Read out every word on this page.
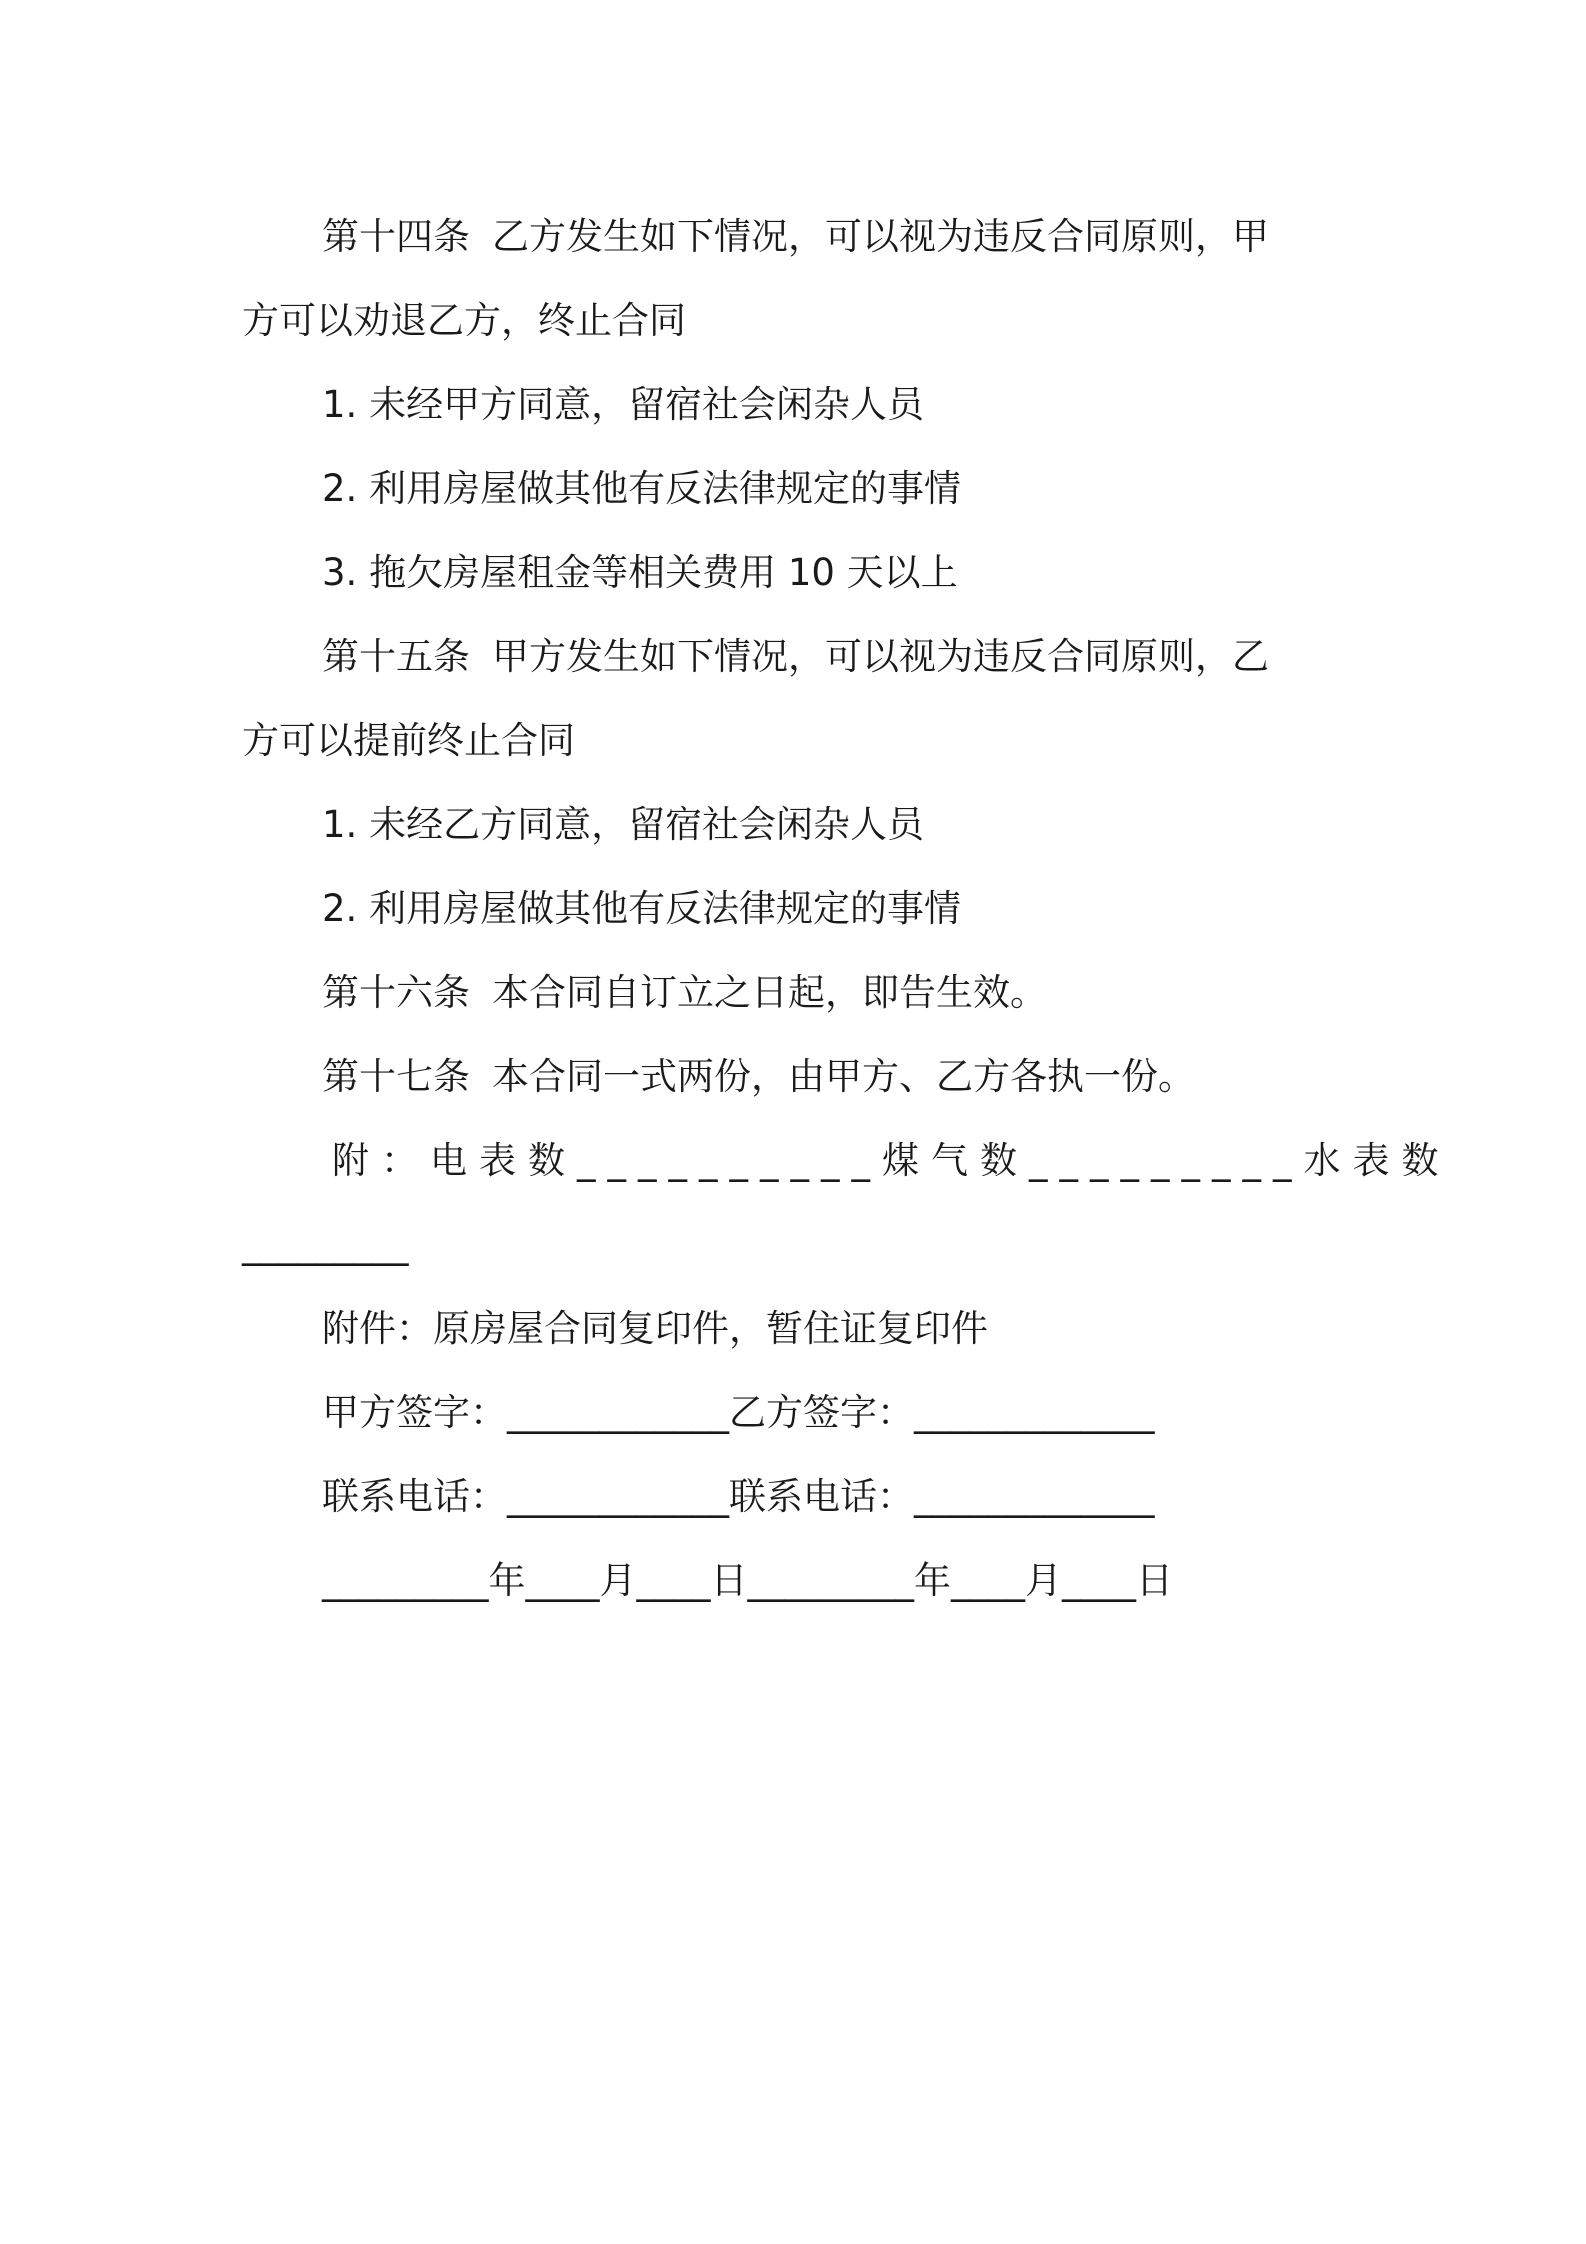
第十四条 乙方发生如下情况，可以视为违反合同原则，甲

方可以劝退乙方，终止合同

1. 未经甲方同意，留宿社会闲杂人员

2. 利用房屋做其他有反法律规定的事情

3. 拖欠房屋租金等相关费用 10 天以上

第十五条 甲方发生如下情况，可以视为违反合同原则，乙

方可以提前终止合同

1. 未经乙方同意，留宿社会闲杂人员

2. 利用房屋做其他有反法律规定的事情

第十六条 本合同自订立之日起，即告生效。

第十七条 本合同一式两份，由甲方、乙方各执一份。

附： 电表数__________ 煤气数_________ 水表数

_________

附件：原房屋合同复印件，暂住证复印件

甲方签字：____________乙方签字：_____________

联系电话：____________联系电话：_____________

_________年____月____日_________年____月____日
